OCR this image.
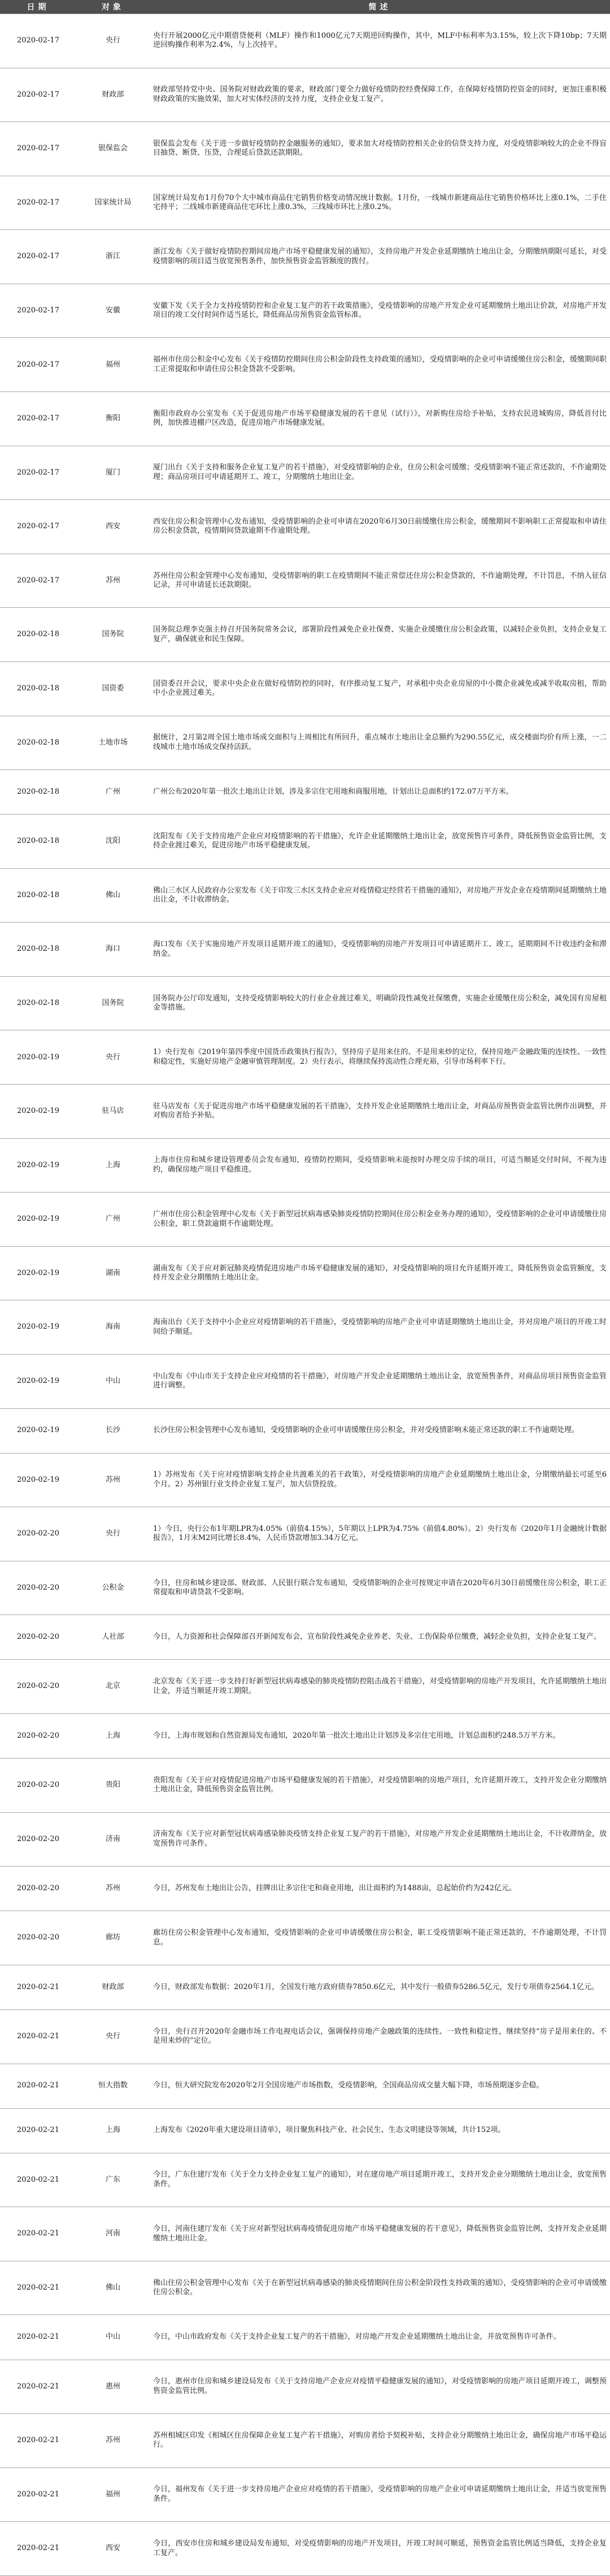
日期	对象	简述
2020-02-17	央行	央行开展2000亿元中期借贷便利（MLF）操作和1000亿元7天期逆回购操作，其中，MLF中标利率为3.15%，较上次下降10bp；7天期逆回购操作利率为2.4%，与上次持平。
2020-02-17	财政部	财政部坚持党中央、国务院对财政政策的要求，财政部门要全力做好疫情防控经费保障工作，在保障好疫情防控资金的同时，更加注重积极财政政策的实施效果，加大对实体经济的支持力度，支持企业复工复产。
2020-02-17	银保监会	银保监会发布《关于进一步做好疫情防控金融服务的通知》，要求加大对疫情防控相关企业的信贷支持力度，对受疫情影响较大的企业不得盲目抽贷、断贷、压贷，合理延后贷款还款期限。
2020-02-17	国家统计局	国家统计局发布1月份70个大中城市商品住宅销售价格变动情况统计数据。1月份，一线城市新建商品住宅销售价格环比上涨0.1%，二手住宅持平；二线城市新建商品住宅环比上涨0.3%，三线城市环比上涨0.2%。
2020-02-17	浙江	浙江发布《关于做好疫情防控期间房地产市场平稳健康发展的通知》，支持房地产开发企业延期缴纳土地出让金，分期缴纳期限可延长，对受疫情影响的项目适当放宽预售条件，加快预售资金监管额度的拨付。
2020-02-17	安徽	安徽下发《关于全力支持疫情防控和企业复工复产的若干政策措施》，受疫情影响的房地产开发企业可延期缴纳土地出让价款，对房地产开发项目的竣工交付时间作适当延长，降低商品房预售资金监管标准。
2020-02-17	福州	福州市住房公积金中心发布《关于疫情防控期间住房公积金阶段性支持政策的通知》，受疫情影响的企业可申请缓缴住房公积金，缓缴期间职工正常提取和申请住房公积金贷款不受影响。
2020-02-17	衡阳	衡阳市政府办公室发布《关于促进房地产市场平稳健康发展的若干意见（试行）》，对新购住房给予补贴，支持农民进城购房，降低首付比例，加快推进棚户区改造，促进房地产市场健康发展。
2020-02-17	厦门	厦门出台《关于支持和服务企业复工复产的若干措施》，对受疫情影响的企业，住房公积金可缓缴；受疫情影响不能正常还款的，不作逾期处理；商品房项目可申请延期开工、竣工，分期缴纳土地出让金。
2020-02-17	西安	西安住房公积金管理中心发布通知，受疫情影响的企业可申请在2020年6月30日前缓缴住房公积金，缓缴期间不影响职工正常提取和申请住房公积金贷款，疫情期间贷款逾期不作逾期处理。
2020-02-17	苏州	苏州住房公积金管理中心发布通知，受疫情影响的职工在疫情期间不能正常偿还住房公积金贷款的，不作逾期处理，不计罚息，不纳入征信记录，并可申请延长还款期限。
2020-02-18	国务院	国务院总理李克强主持召开国务院常务会议，部署阶段性减免企业社保费、实施企业缓缴住房公积金政策，以减轻企业负担，支持企业复工复产，确保就业和民生保障。
2020-02-18	国资委	国资委召开会议，要求中央企业在做好疫情防控的同时，有序推动复工复产，对承租中央企业房屋的中小微企业减免或减半收取房租，帮助中小企业渡过难关。
2020-02-18	土地市场	据统计，2月第2周全国土地市场成交面积与上周相比有所回升，重点城市土地出让金总额约为290.55亿元，成交楼面均价有所上涨，一二线城市土地市场成交保持活跃。
2020-02-18	广州	广州公布2020年第一批次土地出让计划，涉及多宗住宅用地和商服用地，计划出让总面积约172.07万平方米。
2020-02-18	沈阳	沈阳发布《关于支持房地产企业应对疫情影响的若干措施》，允许企业延期缴纳土地出让金，放宽预售许可条件，降低预售资金监管比例，支持企业渡过难关，促进房地产市场平稳健康发展。
2020-02-18	佛山	佛山三水区人民政府办公室发布《关于印发三水区支持企业应对疫情稳定经营若干措施的通知》，对房地产开发企业在疫情期间延期缴纳土地出让金，不计收滞纳金。
2020-02-18	海口	海口发布《关于实施房地产开发项目延期开竣工的通知》，受疫情影响的房地产开发项目可申请延期开工、竣工，延期期间不计收违约金和滞纳金。
2020-02-18	国务院	国务院办公厅印发通知，支持受疫情影响较大的行业企业渡过难关，明确阶段性减免社保缴费，实施企业缓缴住房公积金，减免国有房屋租金等措施。
2020-02-19	央行	1）央行发布《2019年第四季度中国货币政策执行报告》，坚持房子是用来住的、不是用来炒的定位，保持房地产金融政策的连续性、一致性和稳定性，实施好房地产金融审慎管理制度。2）央行表示，将继续保持流动性合理充裕，引导市场利率下行。
2020-02-19	驻马店	驻马店发布《关于促进房地产市场平稳健康发展的若干措施》，支持开发企业延期缴纳土地出让金，对商品房预售资金监管比例作出调整，并对购房者给予补贴。
2020-02-19	上海	上海市住房和城乡建设管理委员会发布通知，疫情防控期间，受疫情影响未能按时办理交房手续的项目，可适当顺延交付时间，不视为违约，确保房地产项目平稳推进。
2020-02-19	广州	广州市住房公积金管理中心发布《关于新型冠状病毒感染肺炎疫情防控期间住房公积金业务办理的通知》，受疫情影响的企业可申请缓缴住房公积金，职工贷款逾期不作逾期处理。
2020-02-19	湖南	湖南发布《关于应对新冠肺炎疫情促进房地产市场平稳健康发展的通知》，对受疫情影响的项目允许延期开竣工，降低预售资金监管额度，支持开发企业分期缴纳土地出让金。
2020-02-19	海南	海南出台《关于支持中小企业应对疫情影响的若干措施》，受疫情影响的房地产企业可申请延期缴纳土地出让金，并对房地产项目的开竣工时间给予顺延。
2020-02-19	中山	中山发布《中山市关于支持企业应对疫情的若干措施》，对房地产开发企业延期缴纳土地出让金，放宽预售条件，对商品房项目预售资金监管进行调整。
2020-02-19	长沙	长沙住房公积金管理中心发布通知，受疫情影响的企业可申请缓缴住房公积金，并对受疫情影响未能正常还款的职工不作逾期处理。
2020-02-19	苏州	1）苏州发布《关于应对疫情影响支持企业共渡难关的若干政策》，对受疫情影响的房地产企业延期缴纳土地出让金，分期缴纳最长可延至6个月。2）苏州银行业支持企业复工复产，加大信贷投放。
2020-02-20	央行	1）今日，央行公布1年期LPR为4.05%（前值4.15%），5年期以上LPR为4.75%（前值4.80%）。2）央行发布《2020年1月金融统计数据报告》，1月末M2同比增长8.4%，人民币贷款增加3.34万亿元。
2020-02-20	公积金	今日，住房和城乡建设部、财政部、人民银行联合发布通知，受疫情影响的企业可按规定申请在2020年6月30日前缓缴住房公积金，职工正常提取和申请贷款不受影响。
2020-02-20	人社部	今日，人力资源和社会保障部召开新闻发布会，宣布阶段性减免企业养老、失业、工伤保险单位缴费，减轻企业负担，支持企业复工复产。
2020-02-20	北京	北京发布《关于进一步支持打好新型冠状病毒感染的肺炎疫情防控阻击战若干措施》，对受疫情影响的房地产开发项目，允许延期缴纳土地出让金，并适当顺延开竣工期限。
2020-02-20	上海	今日，上海市规划和自然资源局发布通知，2020年第一批次土地出让计划涉及多宗住宅用地，计划总面积约248.5万平方米。
2020-02-20	贵阳	贵阳发布《关于应对疫情促进房地产市场平稳健康发展的若干措施》，对受疫情影响的房地产项目，允许延期开竣工，支持开发企业分期缴纳土地出让金，降低预售资金监管比例。
2020-02-20	济南	济南发布《关于应对新型冠状病毒感染肺炎疫情支持企业复工复产的若干措施》，对房地产开发企业延期缴纳土地出让金，不计收滞纳金，放宽预售许可条件。
2020-02-20	苏州	今日，苏州发布土地出让公告，挂牌出让多宗住宅和商业用地，出让面积约为1488亩，总起始价约为242亿元。
2020-02-20	廊坊	廊坊住房公积金管理中心发布通知，受疫情影响的企业可申请缓缴住房公积金，职工受疫情影响不能正常还款的，不作逾期处理，不计罚息。
2020-02-21	财政部	今日，财政部发布数据：2020年1月，全国发行地方政府债券7850.6亿元，其中发行一般债券5286.5亿元，发行专项债券2564.1亿元。
2020-02-21	央行	今日，央行召开2020年金融市场工作电视电话会议，强调保持房地产金融政策的连续性、一致性和稳定性，继续坚持“房子是用来住的、不是用来炒的”定位。
2020-02-21	恒大指数	今日，恒大研究院发布2020年2月全国房地产市场指数，受疫情影响，全国商品房成交量大幅下降，市场预期逐步企稳。
2020-02-21	上海	上海发布《2020年重大建设项目清单》，项目聚焦科技产业、社会民生、生态文明建设等领域，共计152项。
2020-02-21	广东	今日，广东住建厅发布《关于全力支持企业复工复产的通知》，对在建房地产项目延期开竣工，支持开发企业分期缴纳土地出让金，放宽预售条件。
2020-02-21	河南	今日，河南住建厅发布《关于应对新型冠状病毒疫情促进房地产市场平稳健康发展的若干意见》，降低预售资金监管比例，支持开发企业延期缴纳土地出让金。
2020-02-21	佛山	佛山住房公积金管理中心发布《关于在新型冠状病毒感染的肺炎疫情期间住房公积金阶段性支持政策的通知》，受疫情影响的企业可申请缓缴住房公积金。
2020-02-21	中山	今日，中山市政府发布《关于支持企业复工复产的若干措施》，对房地产开发企业延期缴纳土地出让金，并放宽预售许可条件。
2020-02-21	惠州	今日，惠州市住房和城乡建设局发布《关于支持房地产企业应对疫情平稳健康发展的通知》，对受疫情影响的房地产项目延期开竣工，调整预售资金监管比例。
2020-02-21	苏州	苏州相城区印发《相城区住房保障企业复工复产若干措施》，对购房者给予契税补贴，支持企业分期缴纳土地出让金，确保房地产市场平稳运行。
2020-02-21	福州	今日，福州发布《关于进一步支持房地产企业应对疫情的若干措施》，受疫情影响的房地产企业可申请延期缴纳土地出让金，并适当放宽预售条件。
2020-02-21	西安	今日，西安市住房和城乡建设局发布通知，对受疫情影响的房地产开发项目，开竣工时间可顺延，预售资金监管比例适当降低，支持企业复工复产。
